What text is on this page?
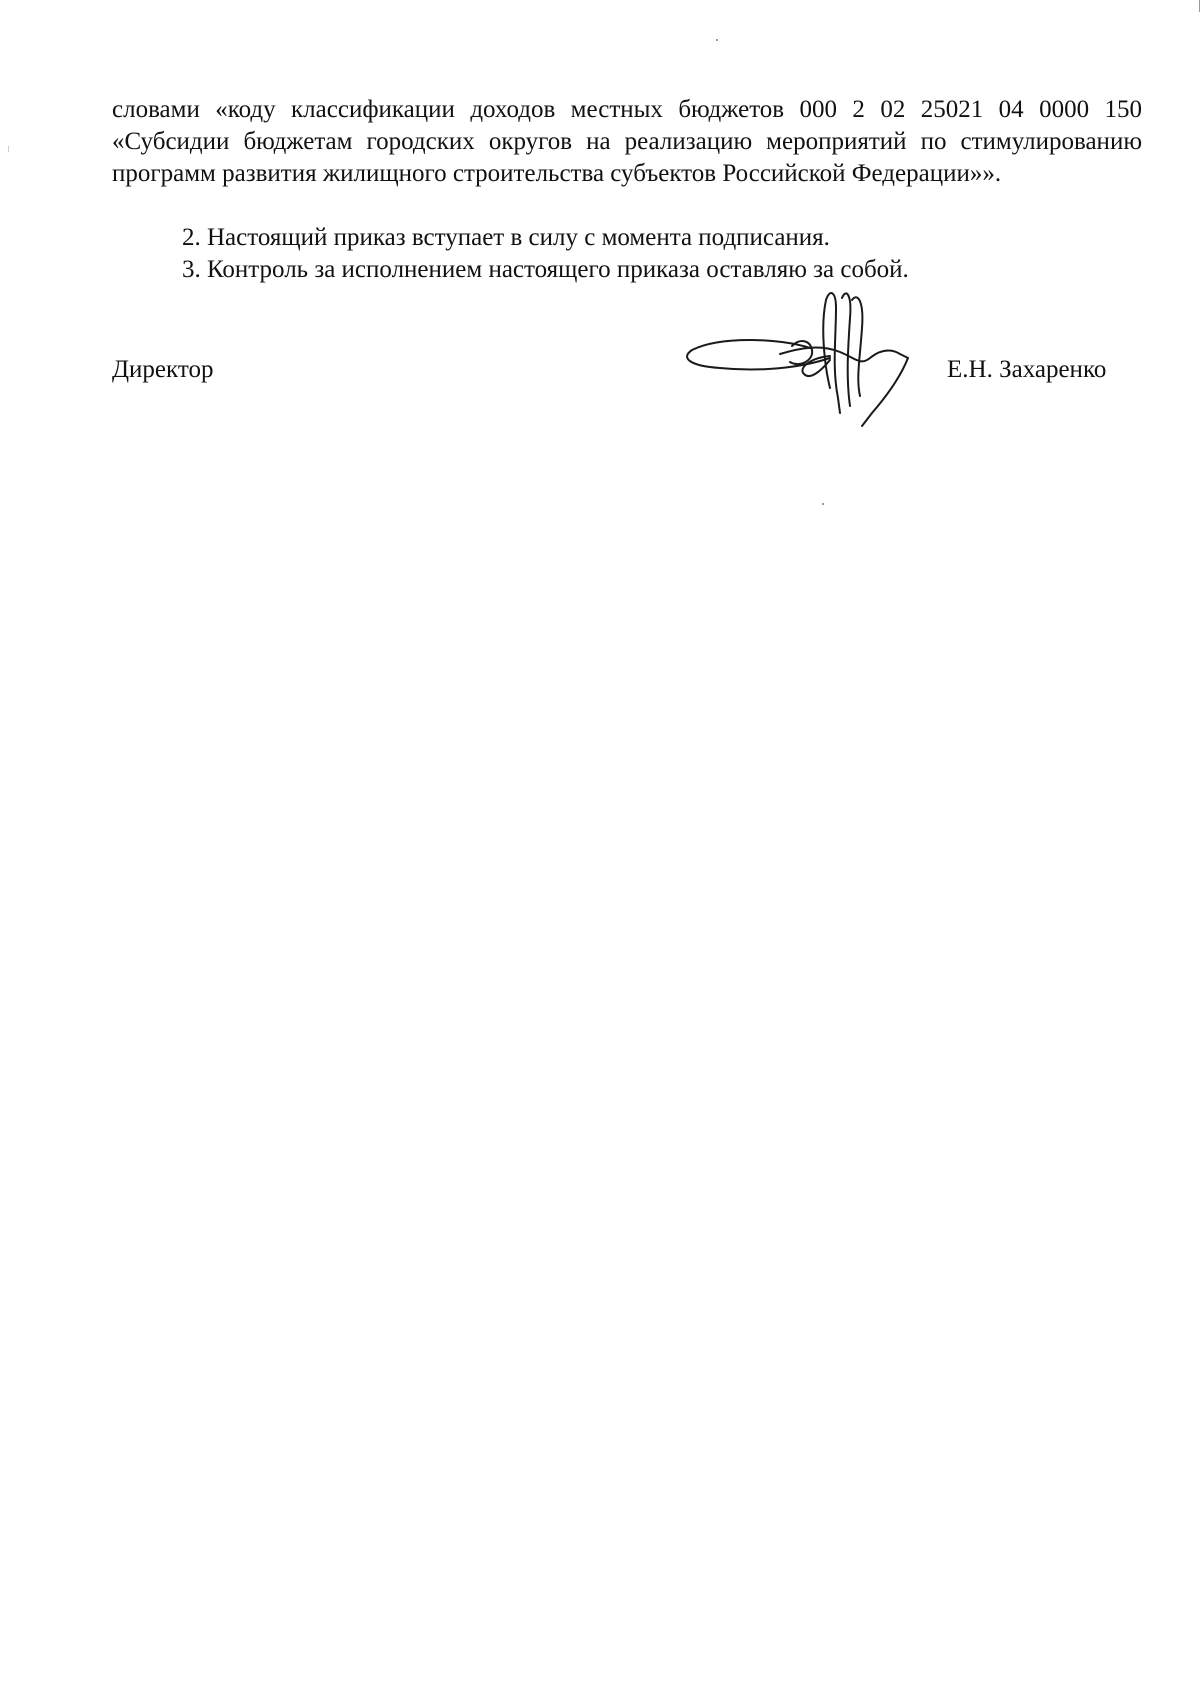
словами «коду классификации доходов местных бюджетов 000 2 02 25021 04 0000 150 «Субсидии бюджетам городских округов на реализацию мероприятий по стимулированию программ развития жилищного строительства субъектов Российской Федерации»».

2. Настоящий приказ вступает в силу с момента подписания.

3. Контроль за исполнением настоящего приказа оставляю за собой.

Директор	Е.Н. Захаренко
